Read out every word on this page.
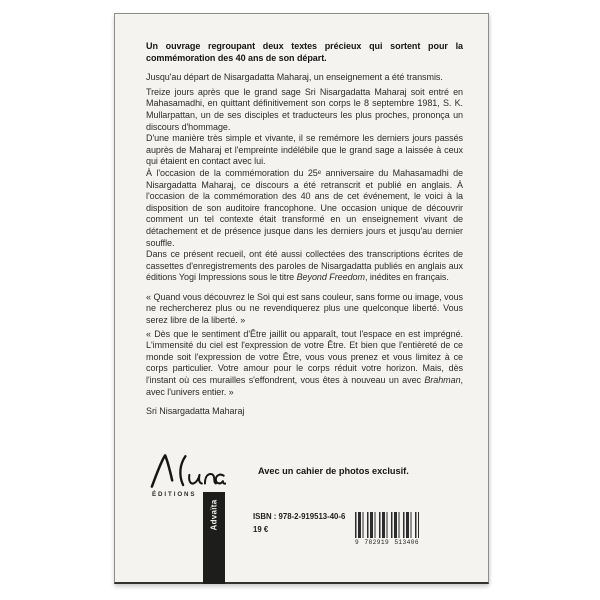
Un ouvrage regroupant deux textes précieux qui sortent pour la commémoration des 40 ans de son départ.

Jusqu'au départ de Nisargadatta Maharaj, un enseignement a été transmis.

Treize jours après que le grand sage Sri Nisargadatta Maharaj soit entré en Mahasamadhi, en quittant définitivement son corps le 8 septembre 1981, S. K. Mullarpattan, un de ses disciples et traducteurs les plus proches, prononça un discours d'hommage.

D'une manière très simple et vivante, il se remémore les derniers jours passés auprès de Maharaj et l'empreinte indélébile que le grand sage a laissée à ceux qui étaient en contact avec lui.

À l'occasion de la commémoration du 25ᵉ anniversaire du Mahasamadhi de Nisargadatta Maharaj, ce discours a été retranscrit et publié en anglais. À l'occasion de la commémoration des 40 ans de cet événement, le voici à la disposition de son auditoire francophone. Une occasion unique de découvrir comment un tel contexte était transformé en un enseignement vivant de détachement et de présence jusque dans les derniers jours et jusqu'au dernier souffle.

Dans ce présent recueil, ont été aussi collectées des transcriptions écrites de cassettes d'enregistrements des paroles de Nisargadatta publiés en anglais aux éditions Yogi Impressions sous le titre Beyond Freedom, inédites en français.

« Quand vous découvrez le Soi qui est sans couleur, sans forme ou image, vous ne rechercherez plus ou ne revendiquerez plus une quelconque liberté. Vous serez libre de la liberté. »

« Dès que le sentiment d'Être jaillit ou apparaît, tout l'espace en est imprégné. L'immensité du ciel est l'expression de votre Être. Et bien que l'entièreté de ce monde soit l'expression de votre Être, vous vous prenez et vous limitez à ce corps particulier. Votre amour pour le corps réduit votre horizon. Mais, dès l'instant où ces murailles s'effondrent, vous êtes à nouveau un avec Brahman, avec l'univers entier. »

Sri Nisargadatta Maharaj

ÉDITIONS
Advaïta
Avec un cahier de photos exclusif.
ISBN : 978-2-919513-40-6
19 €
9 782919 513406
